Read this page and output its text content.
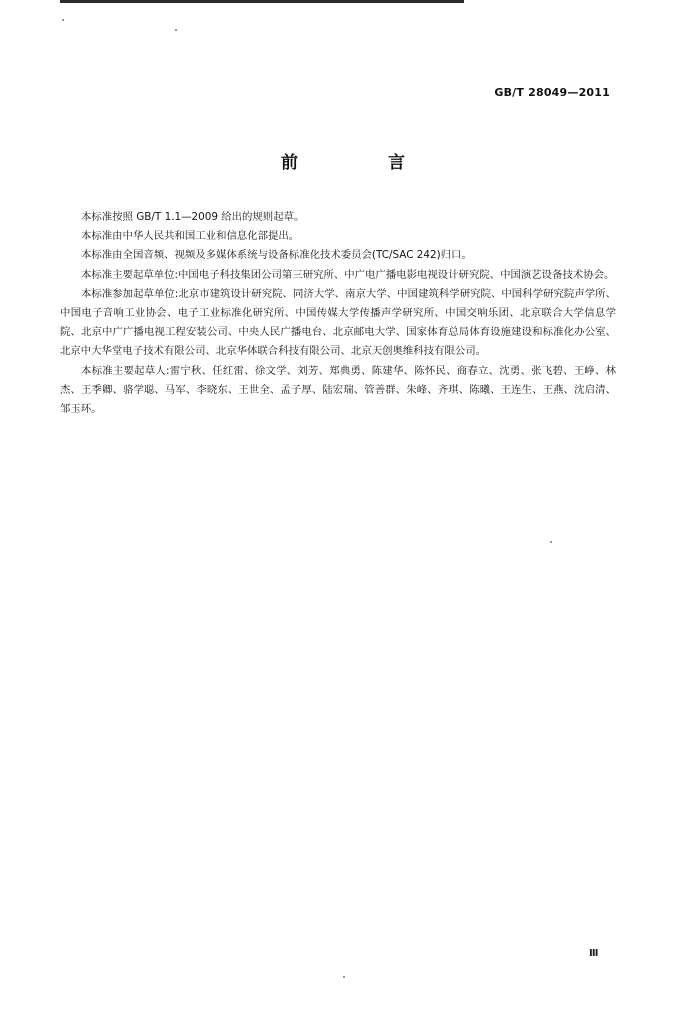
GB/T 28049—2011
前 言

本标准按照 GB/T 1.1—2009 给出的规则起草。

本标准由中华人民共和国工业和信息化部提出。

本标准由全国音频、视频及多媒体系统与设备标准化技术委员会(TC/SAC 242)归口。

本标准主要起草单位:中国电子科技集团公司第三研究所、中广电广播电影电视设计研究院、中国演艺设备技术协会。

本标准参加起草单位:北京市建筑设计研究院、同济大学、南京大学、中国建筑科学研究院、中国科学研究院声学所、中国电子音响工业协会、电子工业标准化研究所、中国传媒大学传播声学研究所、中国交响乐团、北京联合大学信息学院、北京中广广播电视工程安装公司、中央人民广播电台、北京邮电大学、国家体育总局体育设施建设和标准化办公室、北京中大华堂电子技术有限公司、北京华体联合科技有限公司、北京天创奥维科技有限公司。

本标准主要起草人:雷宁秋、任红雷、徐文学、刘芳、郑典勇、陈建华、陈怀民、商春立、沈勇、张飞碧、王峥、林杰、王季卿、骆学聪、马军、李晓东、王世全、孟子厚、陆宏瑞、管善群、朱峰、齐琪、陈曦、王连生、王燕、沈启清、邹玉环。

Ⅲ
